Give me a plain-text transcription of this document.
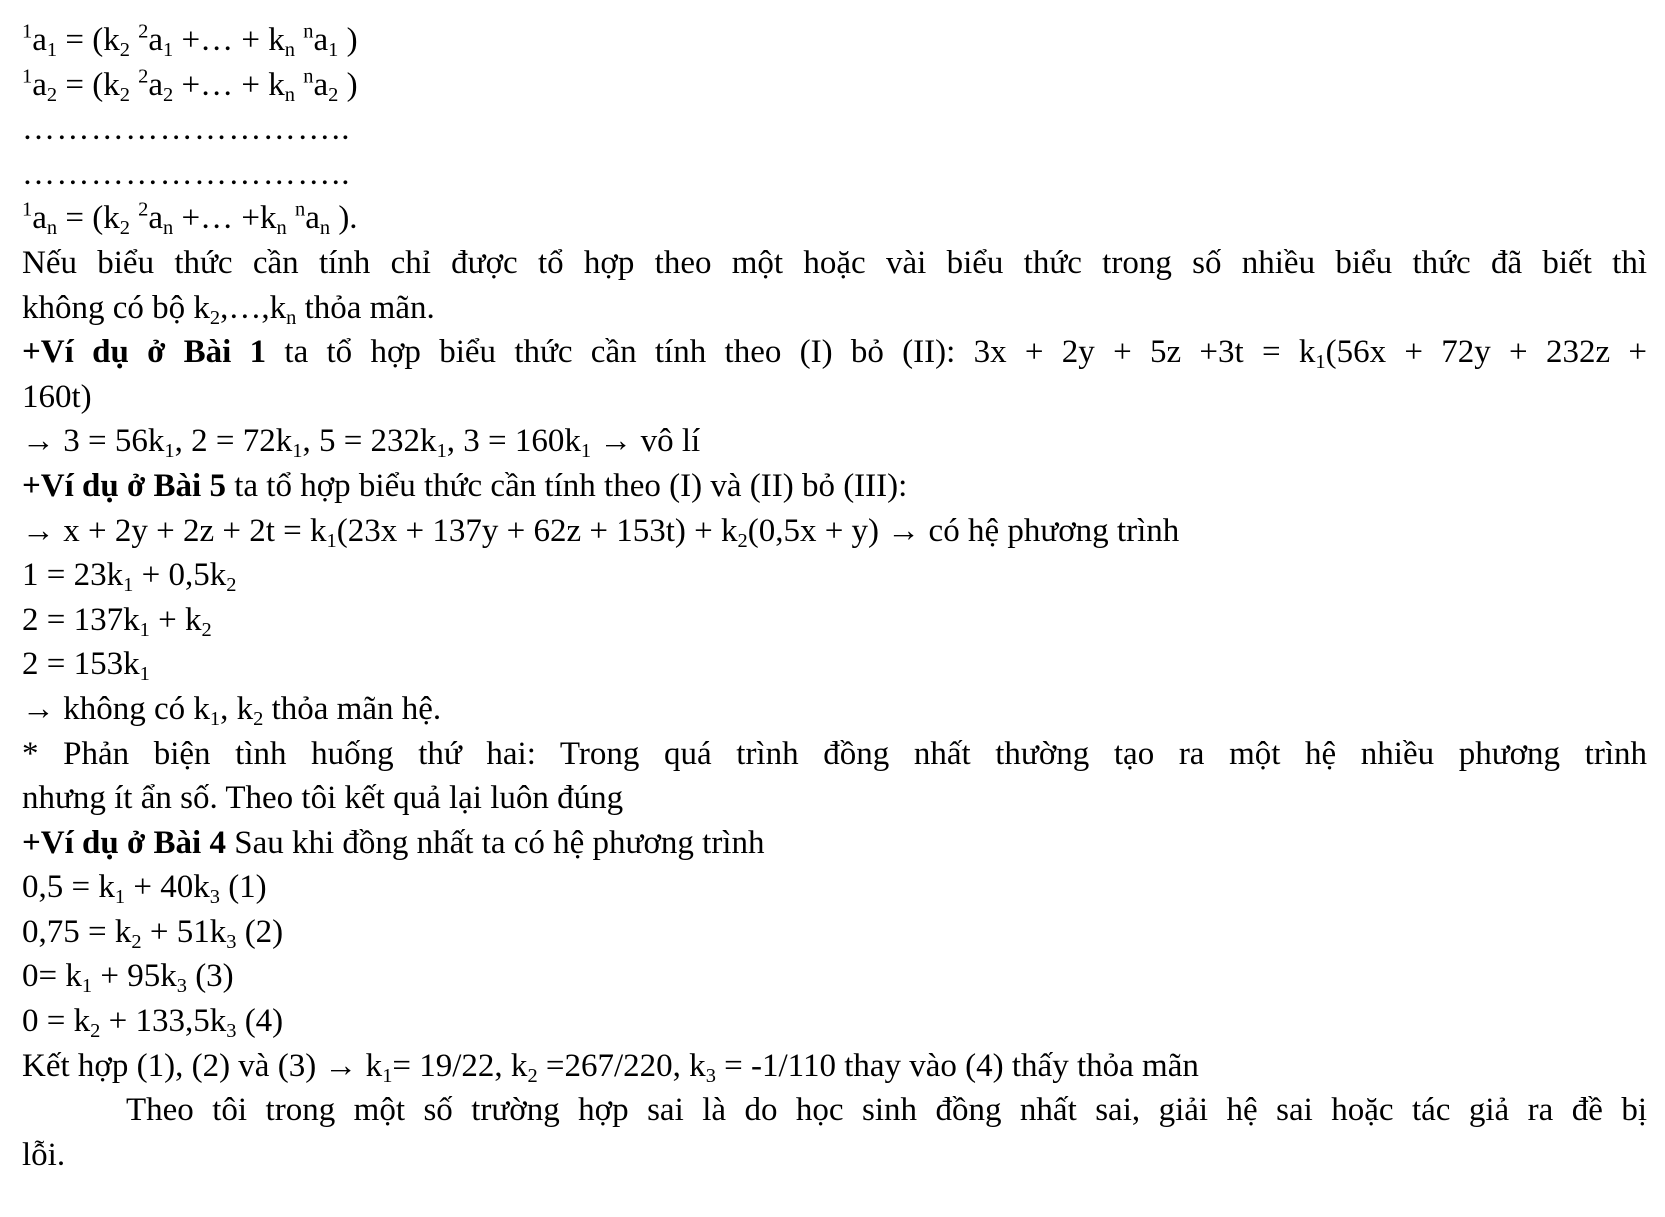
$^1a_1 = (k_2$ $^2a_1$ +… + $k_n$ $^na_1$ )
$^1a_2 = (k_2$ $^2a_2$ +… + $k_n$ $^na_2$ )
………………………..
………………………..
$^1a_n = (k_2$ $^2a_n$ +… $+k_n$ $^na_n$ ).
Nếu biểu thức cần tính chỉ được tổ hợp theo một hoặc vài biểu thức trong số nhiều biểu thức đã biết thì
không có bộ $k_2,\dots,k_n$ thỏa mãn.
+Ví dụ ở Bài 1 ta tổ hợp biểu thức cần tính theo (I) bỏ (II): $3x + 2y + 5z +3t = k_1(56x + 72y + 232z$ +
160t)
→ $3 = 56k_1$, $2 = 72k_1$, $5 = 232k_1$, $3 = 160k_1$ → vô lí
+Ví dụ ở Bài 5 ta tổ hợp biểu thức cần tính theo (I) và (II) bỏ (III):
→ $x + 2y + 2z + 2t = k_1(23x + 137y + 62z + 153t) + k_2(0,5x + y)$ → có hệ phương trình
$1 = 23k_1 + 0,5k_2$
$2 = 137k_1 + k_2$
$2 = 153k_1$
→ không có $k_1$, $k_2$ thỏa mãn hệ.
* Phản biện tình huống thứ hai: Trong quá trình đồng nhất thường tạo ra một hệ nhiều phương trình
nhưng ít ẩn số. Theo tôi kết quả lại luôn đúng
+Ví dụ ở Bài 4 Sau khi đồng nhất ta có hệ phương trình
$0,5 = k_1 + 40k_3$ (1)
$0,75 = k_2 + 51k_3$ (2)
$0= k_1 + 95k_3$ (3)
$0 = k_2 + 133,5k_3$ (4)
Kết hợp (1), (2) và $(3) \to k_1= 19/22$, $k_2 =267/220$, $k_3 = -1/110$ thay vào (4) thấy thỏa mãn
Theo tôi trong một số trường hợp sai là do học sinh đồng nhất sai, giải hệ sai hoặc tác giả ra đề bị
lỗi.
